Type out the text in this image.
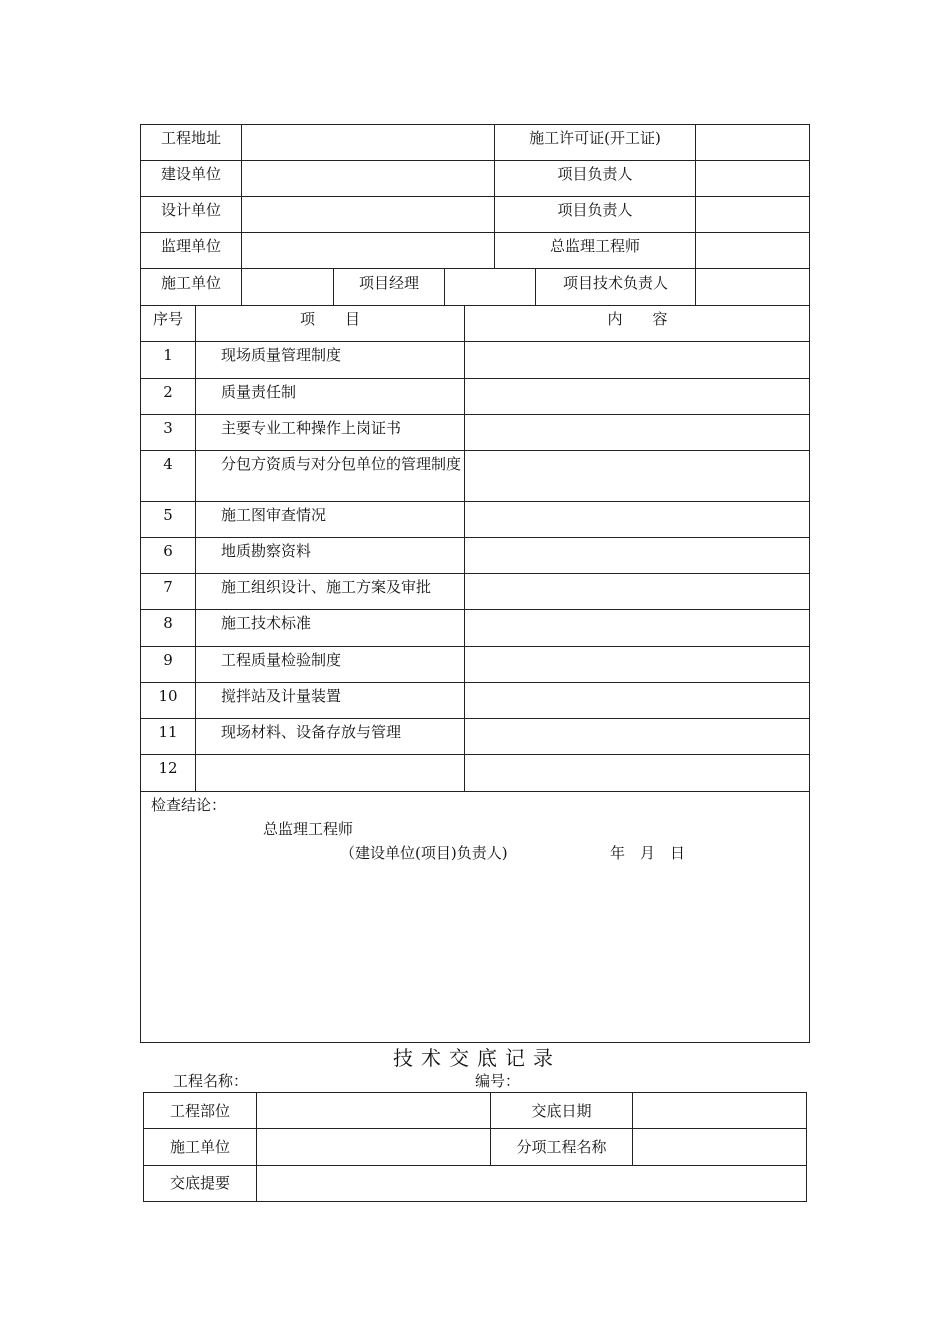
工程地址	施工许可证(开工证)
建设单位	项目负责人
设计单位	项目负责人
监理单位	总监理工程师
施工单位	项目经理	项目技术负责人
序号	项　　目	内　　容
1	现场质量管理制度
2	质量责任制
3	主要专业工种操作上岗证书
4	分包方资质与对分包单位的管理制度
5	施工图审查情况
6	地质勘察资料
7	施工组织设计、施工方案及审批
8	施工技术标准
9	工程质量检验制度
10	搅拌站及计量装置
11	现场材料、设备存放与管理
12
检查结论：
总监理工程师
（建设单位(项目)负责人)	年　月　日
技术交底记录
工程名称：	编号：
工程部位	交底日期
施工单位	分项工程名称
交底提要
